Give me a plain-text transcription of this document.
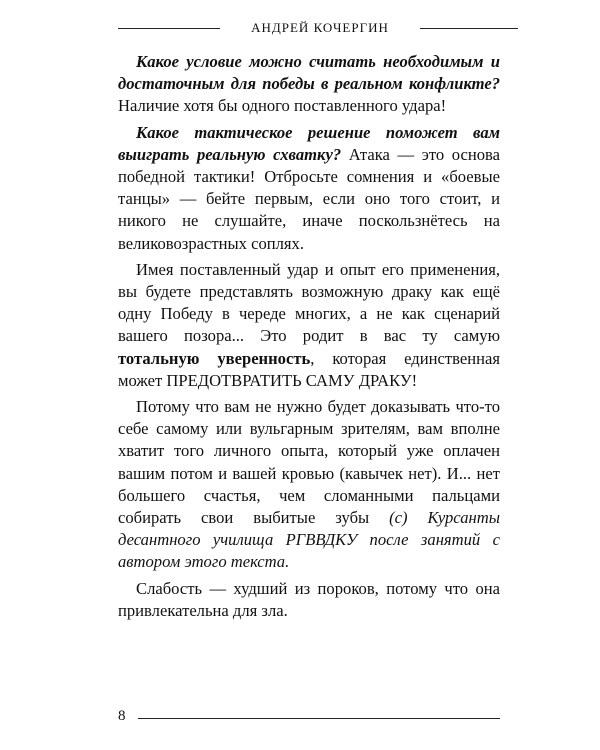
АНДРЕЙ КОЧЕРГИН

Какое условие можно считать необходимым и достаточным для победы в реальном конфликте? Наличие хотя бы одного поставленного удара!

Какое тактическое решение поможет вам выиграть реальную схватку? Атака — это основа победной тактики! Отбросьте сомнения и «боевые танцы» — бейте первым, если оно того стоит, и никого не слушайте, иначе поскользнётесь на великовозрастных соплях.

Имея поставленный удар и опыт его применения, вы будете представлять возможную драку как ещё одну Победу в череде многих, а не как сценарий вашего позора... Это родит в вас ту самую тотальную уверенность, которая единственная может ПРЕДОТВРАТИТЬ САМУ ДРАКУ!

Потому что вам не нужно будет доказывать что-то себе самому или вульгарным зрителям, вам вполне хватит того личного опыта, который уже оплачен вашим потом и вашей кровью (кавычек нет). И... нет большего счастья, чем сломанными пальцами собирать свои выбитые зубы (с) Курсанты десантного училища РГВВДКУ после занятий с автором этого текста.

Слабость — худший из пороков, потому что она привлекательна для зла.

8
